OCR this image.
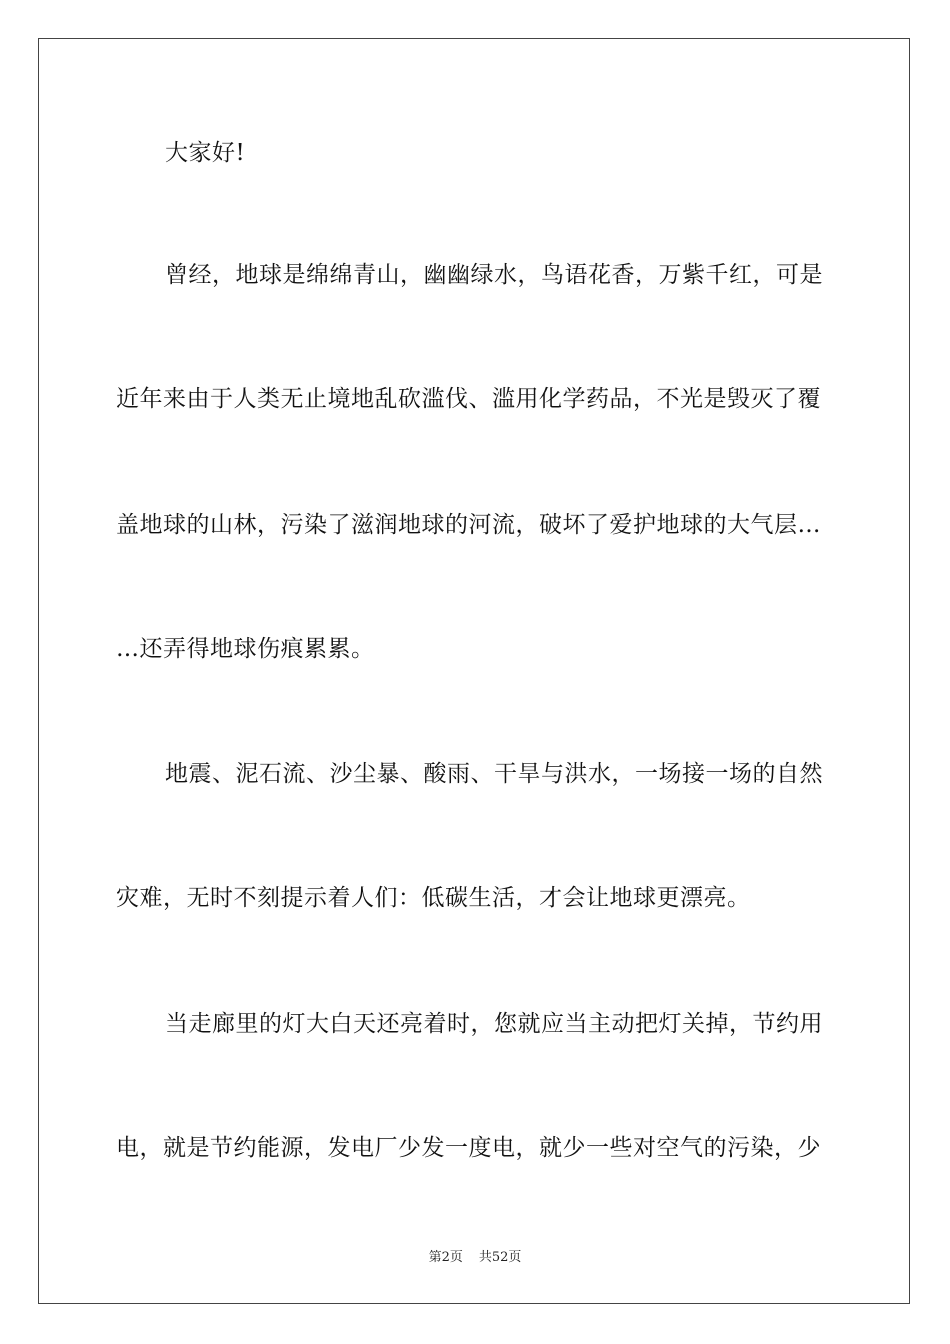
大家好!
曾经，地球是绵绵青山，幽幽绿水，鸟语花香，万紫千红，可是
近年来由于人类无止境地乱砍滥伐、滥用化学药品，不光是毁灭了覆
盖地球的山林，污染了滋润地球的河流，破坏了爱护地球的大气层…
…还弄得地球伤痕累累。
地震、泥石流、沙尘暴、酸雨、干旱与洪水，一场接一场的自然
灾难，无时不刻提示着人们：低碳生活，才会让地球更漂亮。
当走廊里的灯大白天还亮着时，您就应当主动把灯关掉，节约用
电，就是节约能源，发电厂少发一度电，就少一些对空气的污染，少
第2页 共52页
